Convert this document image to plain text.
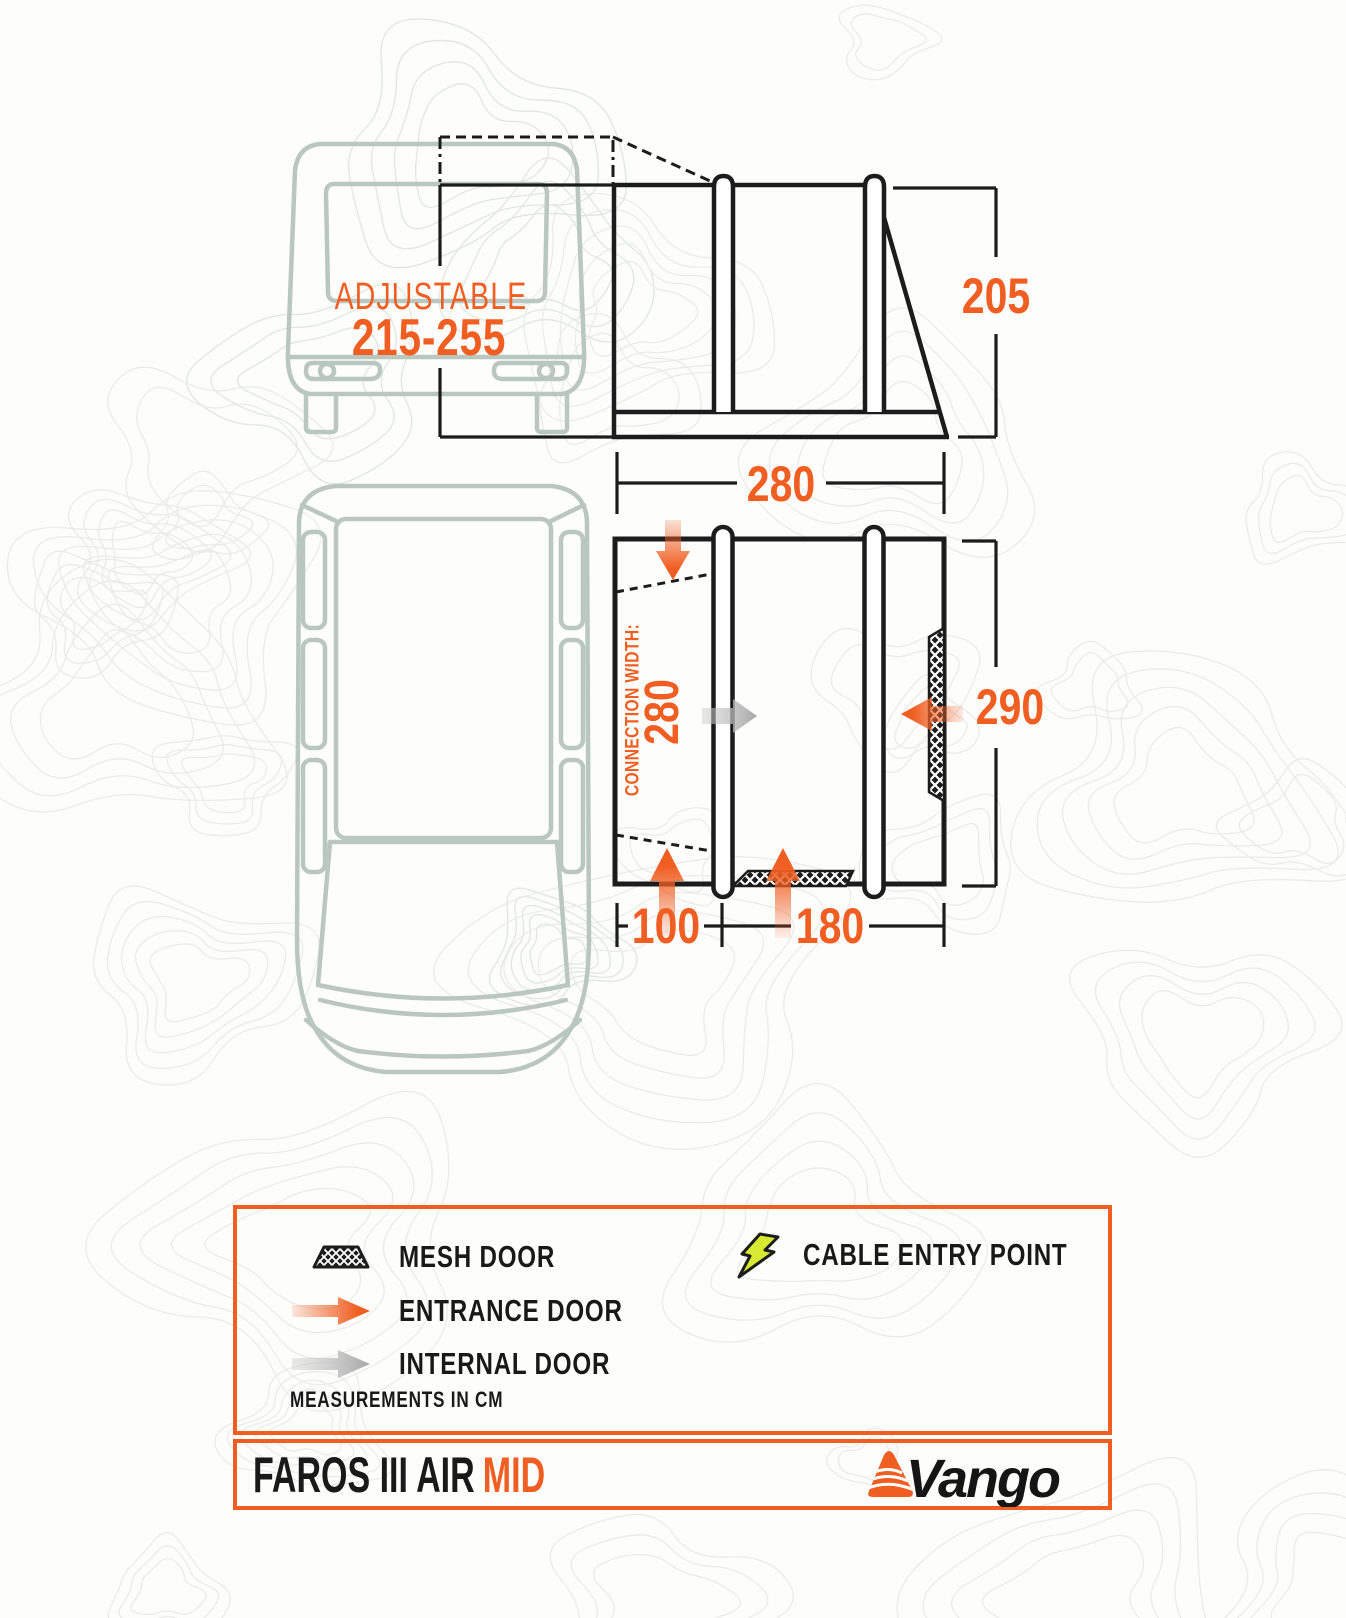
ADJUSTABLE
215-255
205
280
290
100 180
CONNECTION WIDTH:
280
MESH DOOR
ENTRANCE DOOR
INTERNAL DOOR
MEASUREMENTS IN CM
CABLE ENTRY POINT
FAROS III AIR MID	Vango
